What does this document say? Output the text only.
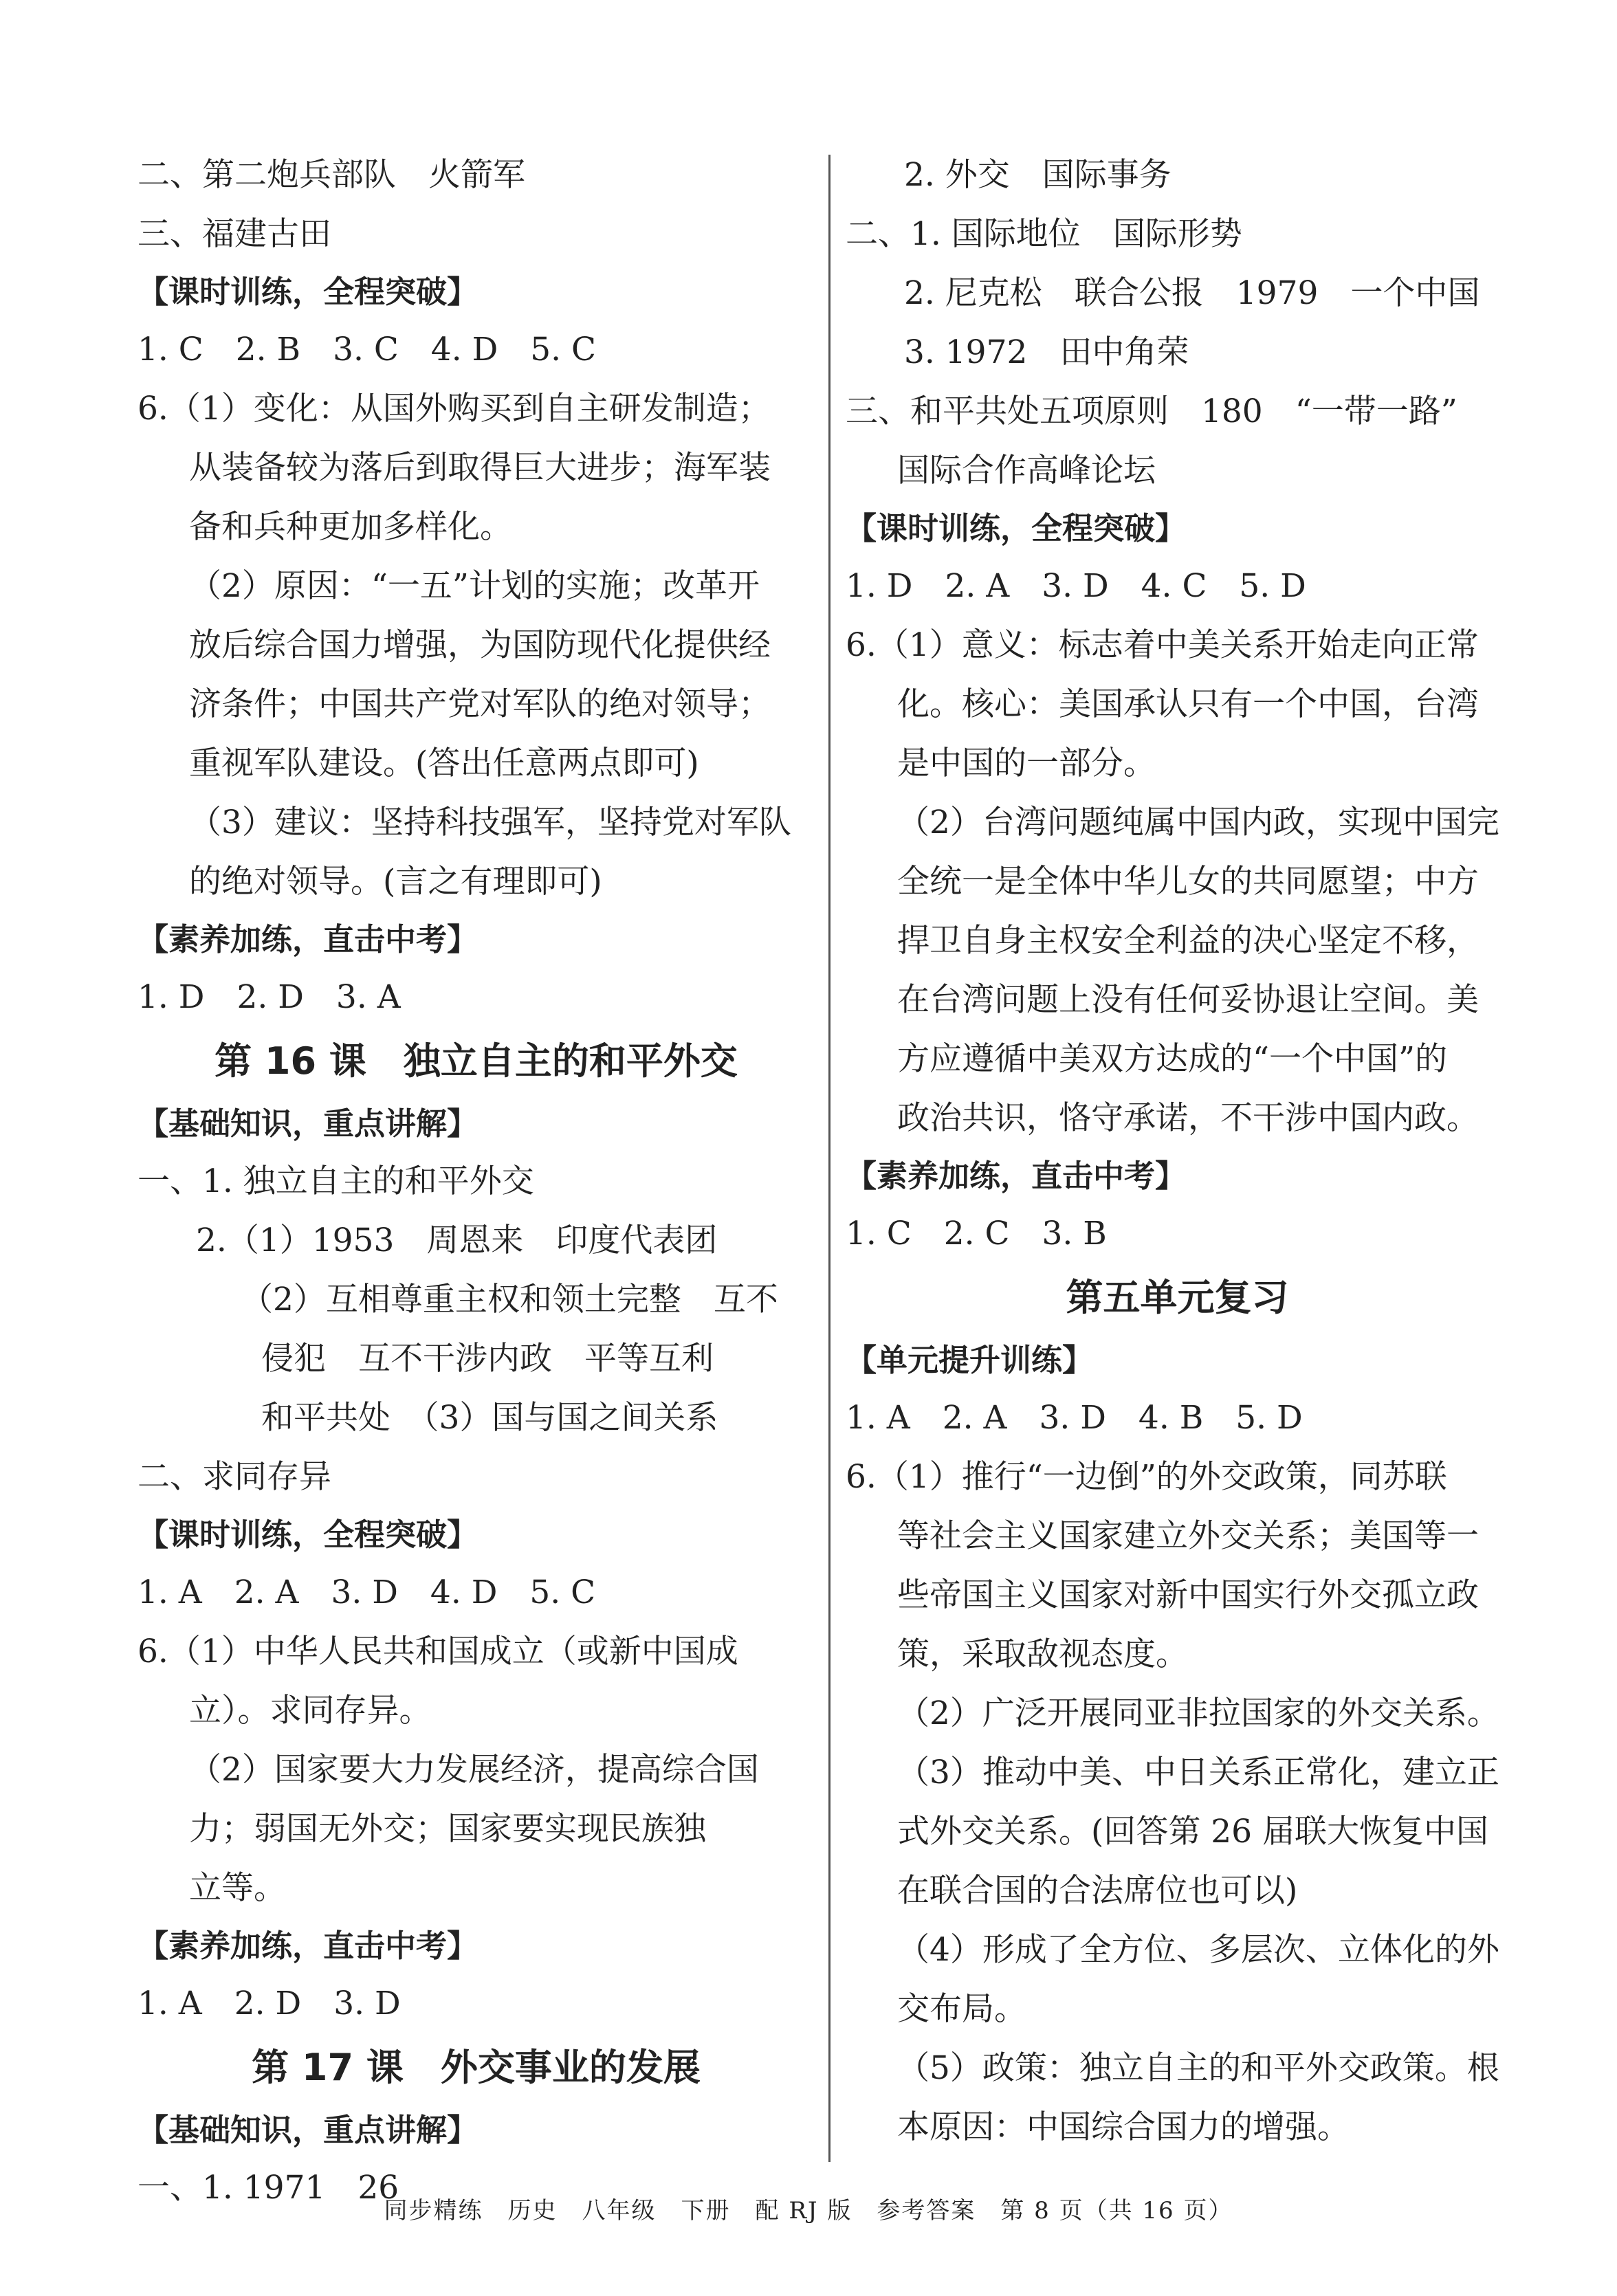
二、第二炮兵部队　火箭军
三、福建古田
【课时训练，全程突破】
1. C　2. B　3. C　4. D　5. C
6.（1）变化：从国外购买到自主研发制造；
从装备较为落后到取得巨大进步；海军装
备和兵种更加多样化。
（2）原因：“一五”计划的实施；改革开
放后综合国力增强，为国防现代化提供经
济条件；中国共产党对军队的绝对领导；
重视军队建设。(答出任意两点即可)
（3）建议：坚持科技强军，坚持党对军队
的绝对领导。(言之有理即可)
【素养加练，直击中考】
1. D　2. D　3. A
第 16 课　独立自主的和平外交
【基础知识，重点讲解】
一、1. 独立自主的和平外交
2.（1）1953　周恩来　印度代表团
（2）互相尊重主权和领土完整　互不
侵犯　互不干涉内政　平等互利
和平共处　（3）国与国之间关系
二、求同存异
【课时训练，全程突破】
1. A　2. A　3. D　4. D　5. C
6.（1）中华人民共和国成立（或新中国成
立）。求同存异。
（2）国家要大力发展经济，提高综合国
力；弱国无外交；国家要实现民族独
立等。
【素养加练，直击中考】
1. A　2. D　3. D
第 17 课　外交事业的发展
【基础知识，重点讲解】
一、1. 1971　26
2. 外交　国际事务
二、1. 国际地位　国际形势
2. 尼克松　联合公报　1979　一个中国
3. 1972　田中角荣
三、和平共处五项原则　180　“一带一路”
国际合作高峰论坛
【课时训练，全程突破】
1. D　2. A　3. D　4. C　5. D
6.（1）意义：标志着中美关系开始走向正常
化。核心：美国承认只有一个中国，台湾
是中国的一部分。
（2）台湾问题纯属中国内政，实现中国完
全统一是全体中华儿女的共同愿望；中方
捍卫自身主权安全利益的决心坚定不移，
在台湾问题上没有任何妥协退让空间。美
方应遵循中美双方达成的“一个中国”的
政治共识，恪守承诺，不干涉中国内政。
【素养加练，直击中考】
1. C　2. C　3. B
第五单元复习
【单元提升训练】
1. A　2. A　3. D　4. B　5. D
6.（1）推行“一边倒”的外交政策，同苏联
等社会主义国家建立外交关系；美国等一
些帝国主义国家对新中国实行外交孤立政
策，采取敌视态度。
（2）广泛开展同亚非拉国家的外交关系。
（3）推动中美、中日关系正常化，建立正
式外交关系。(回答第 26 届联大恢复中国
在联合国的合法席位也可以)
（4）形成了全方位、多层次、立体化的外
交布局。
（5）政策：独立自主的和平外交政策。根
本原因：中国综合国力的增强。
同步精练　历史　八年级　下册　配 RJ 版　参考答案　第 8 页（共 16 页）
